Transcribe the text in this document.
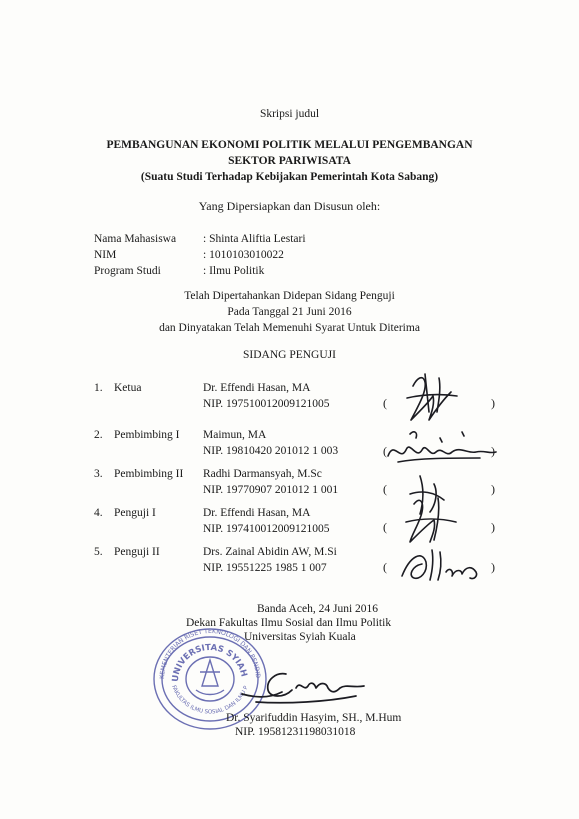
Skripsi judul
PEMBANGUNAN EKONOMI POLITIK MELALUI PENGEMBANGAN
SEKTOR PARIWISATA
(Suatu Studi Terhadap Kebijakan Pemerintah Kota Sabang)
Yang Dipersiapkan dan Disusun oleh:
Nama Mahasiswa : Shinta Aliftia Lestari
NIM	: 1010103010022
Program Studi	: Ilmu Politik
Telah Dipertahankan Didepan Sidang Penguji
Pada Tanggal 21 Juni 2016
dan Dinyatakan Telah Memenuhi Syarat Untuk Diterima
SIDANG PENGUJI
1. Ketua	Dr. Effendi Hasan, MA
NIP. 197510012009121005	(	)
2. Pembimbing I Maimun, MA
NIP. 19810420 201012 1 003	(	)
3. Pembimbing II Radhi Darmansyah, M.Sc
NIP. 19770907 201012 1 001	(	)
4. Penguji I	Dr. Effendi Hasan, MA
NIP. 197410012009121005	(	)
5. Penguji II	Drs. Zainal Abidin AW, M.Si
NIP. 19551225 1985 1 007	(	)
Banda Aceh, 24 Juni 2016
Dekan Fakultas Ilmu Sosial dan Ilmu Politik
Universitas Syiah Kuala
KEMENTERIAN RISET TEKNOLOGI DAN PENDID
UNIVERSITAS SYIAH
FAKULTAS ILMU SOSIAL DAN ILMU P
Dr. Syarifuddin Hasyim, SH., M.Hum
NIP. 19581231198031018
